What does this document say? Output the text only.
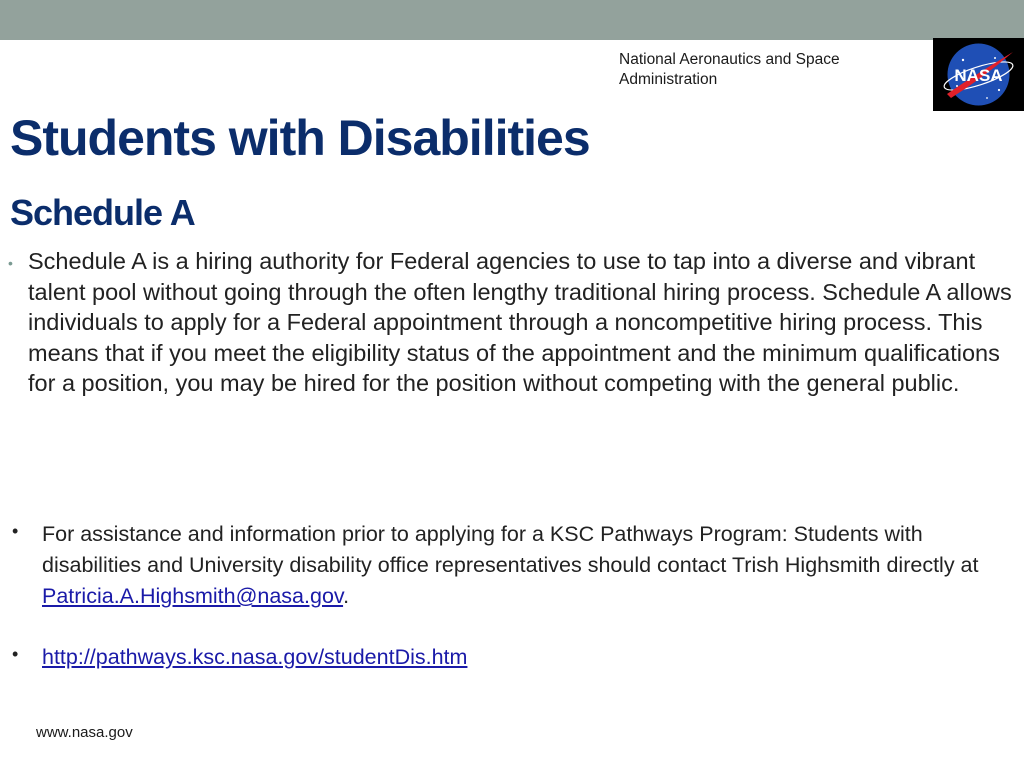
National Aeronautics and Space
Administration	NASA
Students with Disabilities
Schedule A
• Schedule A is a hiring authority for Federal agencies to use to tap into a diverse and vibrant talent pool without going through the often lengthy traditional hiring process. Schedule A allows individuals to apply for a Federal appointment through a noncompetitive hiring process. This means that if you meet the eligibility status of the appointment and the minimum qualifications for a position, you may be hired for the position without competing with the general public.
• For assistance and information prior to applying for a KSC Pathways Program: Students with disabilities and University disability office representatives should contact Trish Highsmith directly at Patricia.A.Highsmith@nasa.gov.
• http://pathways.ksc.nasa.gov/studentDis.htm
www.nasa.gov
